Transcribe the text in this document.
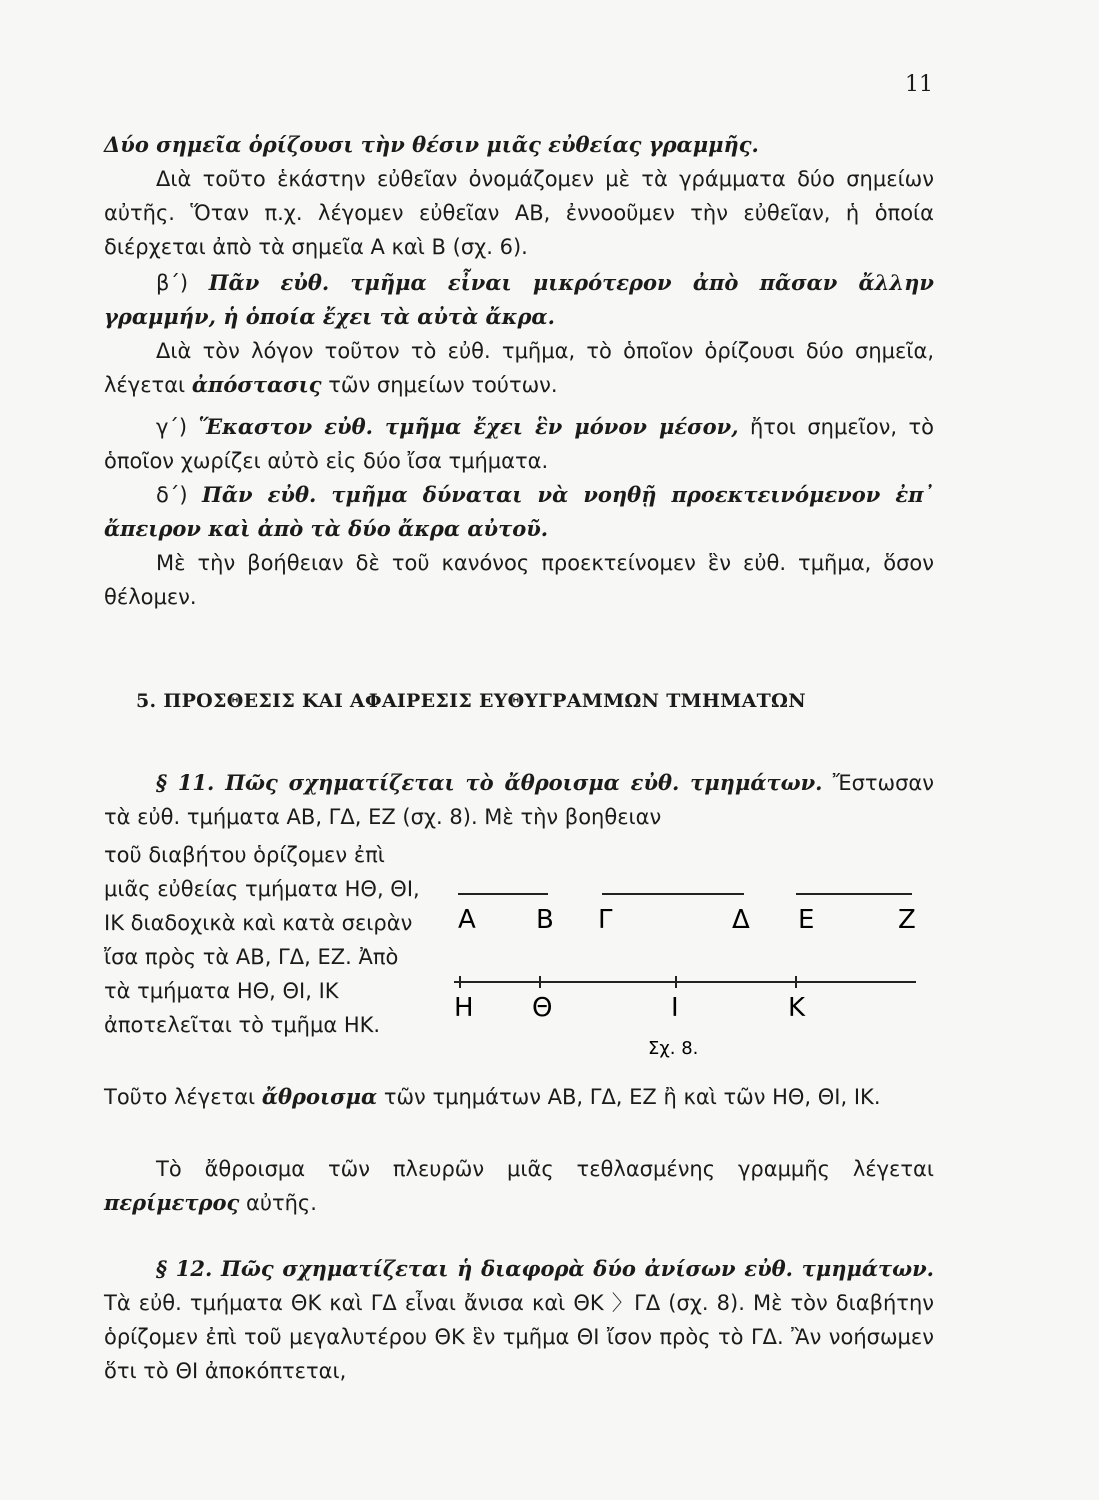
11
Δύο σημεῖα ὁρίζουσι τὴν θέσιν μιᾶς εὐθείας γραμμῆς.
Διὰ τοῦτο ἑκάστην εὐθεῖαν ὀνομάζομεν μὲ τὰ γράμματα δύο σημείων αὐτῆς. Ὅταν π.χ. λέγομεν εὐθεῖαν ΑΒ, ἐννοοῦμεν τὴν εὐθεῖαν, ἡ ὁποία διέρχεται ἀπὸ τὰ σημεῖα Α καὶ Β (σχ. 6).
β΄) Πᾶν εὐθ. τμῆμα εἶναι μικρότερον ἀπὸ πᾶσαν ἄλλην γραμμήν, ἡ ὁποία ἔχει τὰ αὐτὰ ἄκρα.
Διὰ τὸν λόγον τοῦτον τὸ εὐθ. τμῆμα, τὸ ὁποῖον ὁρίζουσι δύο σημεῖα, λέγεται ἀπόστασις τῶν σημείων τούτων.
γ΄) Ἕκαστον εὐθ. τμῆμα ἔχει ἓν μόνον μέσον, ἤτοι σημεῖον, τὸ ὁποῖον χωρίζει αὐτὸ εἰς δύο ἴσα τμήματα.
δ΄) Πᾶν εὐθ. τμῆμα δύναται νὰ νοηθῇ προεκτεινόμενον ἐπ᾽ ἄπειρον καὶ ἀπὸ τὰ δύο ἄκρα αὐτοῦ.
Μὲ τὴν βοήθειαν δὲ τοῦ κανόνος προεκτείνομεν ἓν εὐθ. τμῆμα, ὅσον θέλομεν.
5. ΠΡΟΣΘΕΣΙΣ ΚΑΙ ΑΦΑΙΡΕΣΙΣ ΕΥΘΥΓΡΑΜΜΩΝ ΤΜΗΜΑΤΩΝ
§ 11. Πῶς σχηματίζεται τὸ ἄθροισμα εὐθ. τμημάτων. Ἔστωσαν τὰ εὐθ. τμήματα ΑΒ, ΓΔ, ΕΖ (σχ. 8). Μὲ τὴν βοηθειαν
τοῦ διαβήτου ὁρίζομεν ἐπὶ μιᾶς εὐθείας τμήματα ΗΘ, ΘΙ, ΙΚ διαδοχικὰ καὶ κατὰ σειρὰν ἴσα πρὸς τὰ ΑΒ, ΓΔ, ΕΖ. Ἀπὸ τὰ τμήματα ΗΘ, ΘΙ, ΙΚ ἀποτελεῖται τὸ τμῆμα ΗΚ.
Α Β Γ	Δ Ε	Ζ
Η Θ	Ι	Κ
Σχ. 8.
Τοῦτο λέγεται ἄθροισμα τῶν τμημάτων ΑΒ, ΓΔ, ΕΖ ἢ καὶ τῶν ΗΘ, ΘΙ, ΙΚ.
Τὸ ἄθροισμα τῶν πλευρῶν μιᾶς τεθλασμένης γραμμῆς λέγεται περίμετρος αὐτῆς.
§ 12. Πῶς σχηματίζεται ἡ διαφορὰ δύο ἀνίσων εὐθ. τμημάτων. Τὰ εὐθ. τμήματα ΘΚ καὶ ΓΔ εἶναι ἄνισα καὶ ΘΚ 〉ΓΔ (σχ. 8). Μὲ τὸν διαβήτην ὁρίζομεν ἐπὶ τοῦ μεγαλυτέρου ΘΚ ἓν τμῆμα ΘΙ ἴσον πρὸς τὸ ΓΔ. Ἂν νοήσωμεν ὅτι τὸ ΘΙ ἀποκόπτεται,
